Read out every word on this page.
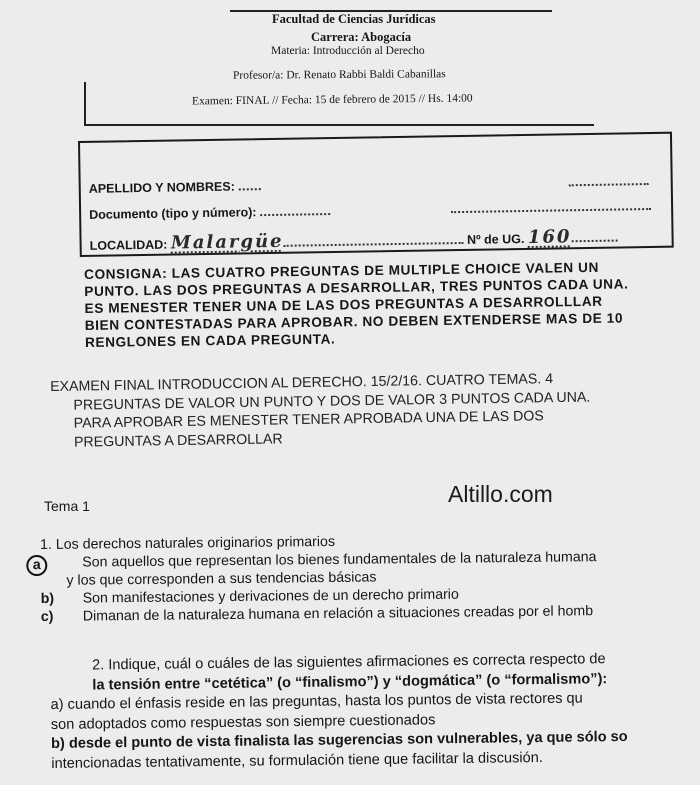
Facultad de Ciencias Jurídicas
Carrera: Abogacía
Materia: Introducción al Derecho
Profesor/a: Dr. Renato Rabbi Baldi Cabanillas
Examen: FINAL // Fecha: 15 de febrero de 2015 // Hs. 14:00
APELLIDO Y NOMBRES:
Documento (tipo y número):
LOCALIDAD: Malargüe	Nº de UG. 160
CONSIGNA: LAS CUATRO PREGUNTAS DE MULTIPLE CHOICE VALEN UN
PUNTO. LAS DOS PREGUNTAS A DESARROLLAR, TRES PUNTOS CADA UNA.
ES MENESTER TENER UNA DE LAS DOS PREGUNTAS A DESARROLLLAR
BIEN CONTESTADAS PARA APROBAR. NO DEBEN EXTENDERSE MAS DE 10
RENGLONES EN CADA PREGUNTA.

EXAMEN FINAL INTRODUCCION AL DERECHO. 15/2/16. CUATRO TEMAS. 4

PREGUNTAS DE VALOR UN PUNTO Y DOS DE VALOR 3 PUNTOS CADA UNA.

PARA APROBAR ES MENESTER TENER APROBADA UNA DE LAS DOS

PREGUNTAS A DESARROLLAR

Altillo.com
Tema 1
1. Los derechos naturales originarios primarios
a	Son aquellos que representan los bienes fundamentales de la naturaleza humana
y los que corresponden a sus tendencias básicas
b) Son manifestaciones y derivaciones de un derecho primario
c) Dimanan de la naturaleza humana en relación a situaciones creadas por el homb
2. Indique, cuál o cuáles de las siguientes afirmaciones es correcta respecto de
la tensión entre “cetética” (o “finalismo”) y “dogmática” (o “formalismo”):
a) cuando el énfasis reside en las preguntas, hasta los puntos de vista rectores qu
son adoptados como respuestas son siempre cuestionados
b) desde el punto de vista finalista las sugerencias son vulnerables, ya que sólo so
intencionadas tentativamente, su formulación tiene que facilitar la discusión.
